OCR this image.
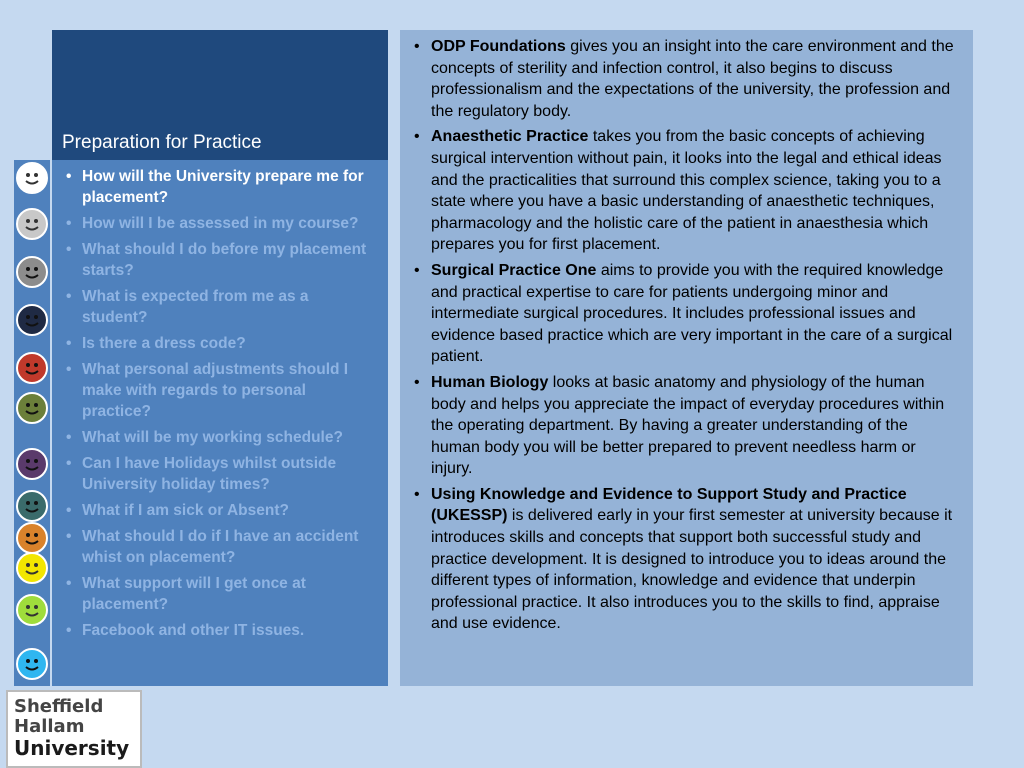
Preparation for Practice
• How will the University prepare me for placement?
• How will I be assessed in my course?
• What should I do before my placement starts?
• What is expected from me as a student?
• Is there a dress code?
• What personal adjustments should I make with regards to personal practice?
• What will be my working schedule?
• Can I have Holidays whilst outside University holiday times?
• What if I am sick or Absent?
• What should I do if I have an accident whist on placement?
• What support will I get once at placement?
• Facebook and other IT issues.
• ODP Foundations gives you an insight into the care environment and the concepts of sterility and infection control, it also begins to discuss professionalism and the expectations of the university, the profession and the regulatory body.
• Anaesthetic Practice takes you from the basic concepts of achieving surgical intervention without pain, it looks into the legal and ethical ideas and the practicalities that surround this complex science, taking you to a state where you have a basic understanding of anaesthetic techniques, pharmacology and the holistic care of the patient in anaesthesia which prepares you for first placement.
• Surgical Practice One aims to provide you with the required knowledge and practical expertise to care for patients undergoing minor and intermediate surgical procedures. It includes professional issues and evidence based practice which are very important in the care of a surgical patient.
• Human Biology looks at basic anatomy and physiology of the human body and helps you appreciate the impact of everyday procedures within the operating department. By having a greater understanding of the human body you will be better prepared to prevent needless harm or injury.
• Using Knowledge and Evidence to Support Study and Practice (UKESSP) is delivered early in your first semester at university because it introduces skills and concepts that support both successful study and practice development. It is designed to introduce you to ideas around the different types of information, knowledge and evidence that underpin professional practice. It also introduces you to the skills to find, appraise and use evidence.
Sheffield
Hallam
University
